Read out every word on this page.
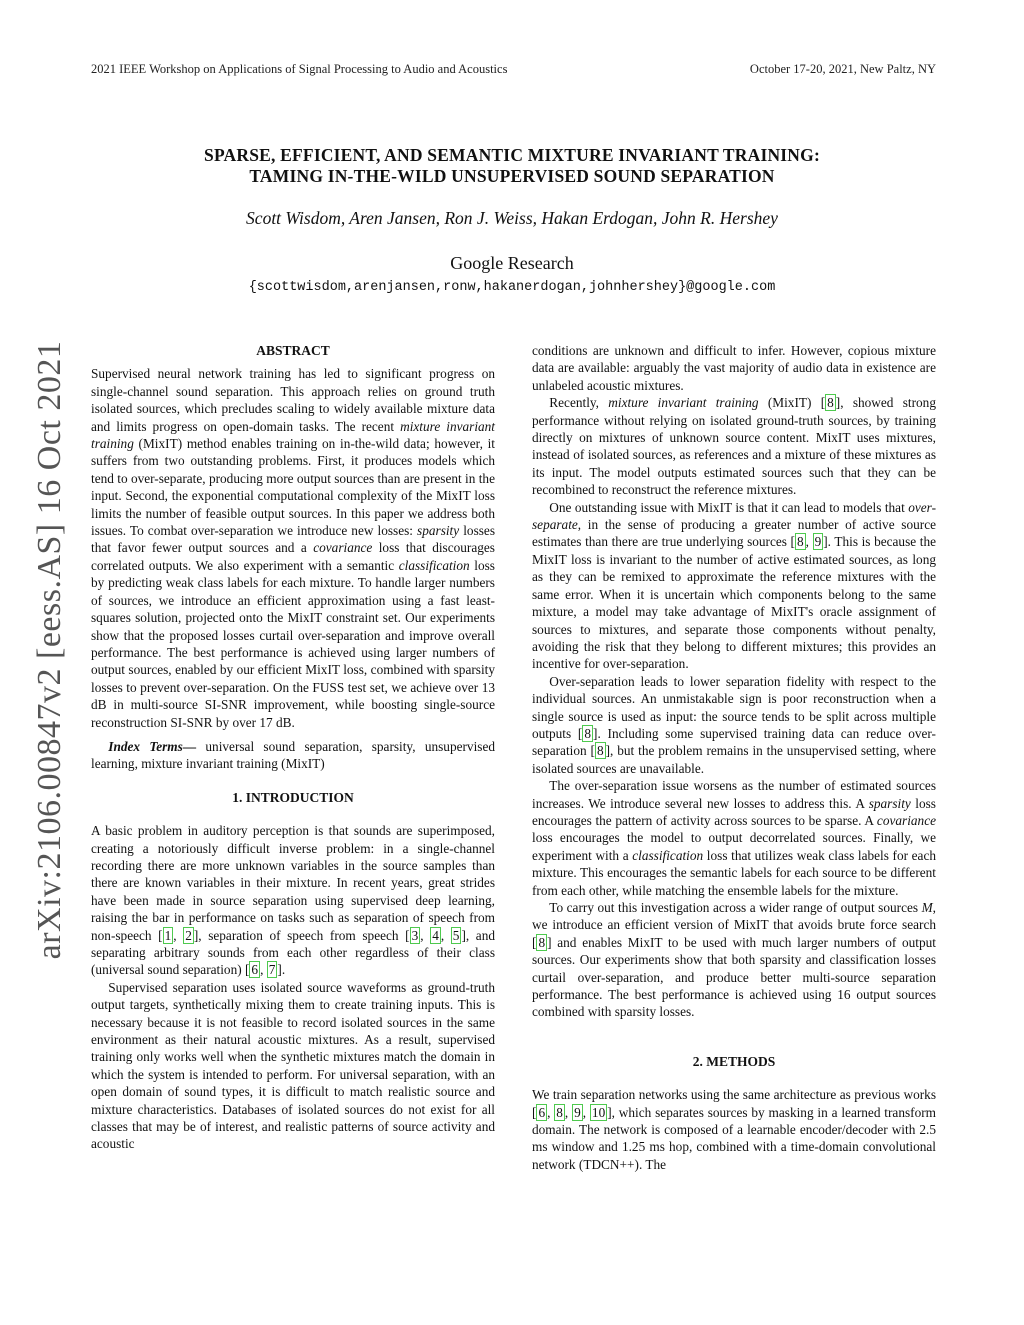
2021 IEEE Workshop on Applications of Signal Processing to Audio and Acoustics	October 17-20, 2021, New Paltz, NY
arXiv:2106.00847v2 [eess.AS] 16 Oct 2021
SPARSE, EFFICIENT, AND SEMANTIC MIXTURE INVARIANT TRAINING:
TAMING IN-THE-WILD UNSUPERVISED SOUND SEPARATION
Scott Wisdom, Aren Jansen, Ron J. Weiss, Hakan Erdogan, John R. Hershey
Google Research
{scottwisdom,arenjansen,ronw,hakanerdogan,johnhershey}@google.com
ABSTRACT

Supervised neural network training has led to significant progress on single-channel sound separation. This approach relies on ground truth isolated sources, which precludes scaling to widely available mixture data and limits progress on open-domain tasks. The recent mixture invariant training (MixIT) method enables training on in-the-wild data; however, it suffers from two outstanding problems. First, it produces models which tend to over-separate, producing more output sources than are present in the input. Second, the exponential computational complexity of the MixIT loss limits the number of feasible output sources. In this paper we address both issues. To combat over-separation we introduce new losses: sparsity losses that favor fewer output sources and a covariance loss that discourages correlated outputs. We also experiment with a semantic classification loss by predicting weak class labels for each mixture. To handle larger numbers of sources, we introduce an efficient approximation using a fast least-squares solution, projected onto the MixIT constraint set. Our experiments show that the proposed losses curtail over-separation and improve overall performance. The best performance is achieved using larger numbers of output sources, enabled by our efficient MixIT loss, combined with sparsity losses to prevent over-separation. On the FUSS test set, we achieve over 13 dB in multi-source SI-SNR improvement, while boosting single-source reconstruction SI-SNR by over 17 dB.

Index Terms— universal sound separation, sparsity, unsupervised learning, mixture invariant training (MixIT)

1. INTRODUCTION

A basic problem in auditory perception is that sounds are superimposed, creating a notoriously difficult inverse problem: in a single-channel recording there are more unknown variables in the source samples than there are known variables in their mixture. In recent years, great strides have been made in source separation using supervised deep learning, raising the bar in performance on tasks such as separation of speech from non-speech [ 1 , 2 ], separation of speech from speech [ 3 , 4 , 5 ], and separating arbitrary sounds from each other regardless of their class (universal sound separation) [ 6 , 7 ].

Supervised separation uses isolated source waveforms as ground-truth output targets, synthetically mixing them to create training inputs. This is necessary because it is not feasible to record isolated sources in the same environment as their natural acoustic mixtures. As a result, supervised training only works well when the synthetic mixtures match the domain in which the system is intended to perform. For universal separation, with an open domain of sound types, it is difficult to match realistic source and mixture characteristics. Databases of isolated sources do not exist for all classes that may be of interest, and realistic patterns of source activity and acoustic

conditions are unknown and difficult to infer. However, copious mixture data are available: arguably the vast majority of audio data in existence are unlabeled acoustic mixtures.

Recently, mixture invariant training (MixIT) [ 8 ], showed strong performance without relying on isolated ground-truth sources, by training directly on mixtures of unknown source content. MixIT uses mixtures, instead of isolated sources, as references and a mixture of these mixtures as its input. The model outputs estimated sources such that they can be recombined to reconstruct the reference mixtures.

One outstanding issue with MixIT is that it can lead to models that over-separate, in the sense of producing a greater number of active source estimates than there are true underlying sources [ 8 , 9 ]. This is because the MixIT loss is invariant to the number of active estimated sources, as long as they can be remixed to approximate the reference mixtures with the same error. When it is uncertain which components belong to the same mixture, a model may take advantage of MixIT's oracle assignment of sources to mixtures, and separate those components without penalty, avoiding the risk that they belong to different mixtures; this provides an incentive for over-separation.

Over-separation leads to lower separation fidelity with respect to the individual sources. An unmistakable sign is poor reconstruction when a single source is used as input: the source tends to be split across multiple outputs [ 8 ]. Including some supervised training data can reduce over-separation [ 8 ], but the problem remains in the unsupervised setting, where isolated sources are unavailable.

The over-separation issue worsens as the number of estimated sources increases. We introduce several new losses to address this. A sparsity loss encourages the pattern of activity across sources to be sparse. A covariance loss encourages the model to output decorrelated sources. Finally, we experiment with a classification loss that utilizes weak class labels for each mixture. This encourages the semantic labels for each source to be different from each other, while matching the ensemble labels for the mixture.

To carry out this investigation across a wider range of output sources M, we introduce an efficient version of MixIT that avoids brute force search [ 8 ] and enables MixIT to be used with much larger numbers of output sources. Our experiments show that both sparsity and classification losses curtail over-separation, and produce better multi-source separation performance. The best performance is achieved using 16 output sources combined with sparsity losses.

2. METHODS

We train separation networks using the same architecture as previous works [ 6 , 8 , 9 , 10 ], which separates sources by masking in a learned transform domain. The network is composed of a learnable encoder/decoder with 2.5 ms window and 1.25 ms hop, combined with a time-domain convolutional network (TDCN++). The
